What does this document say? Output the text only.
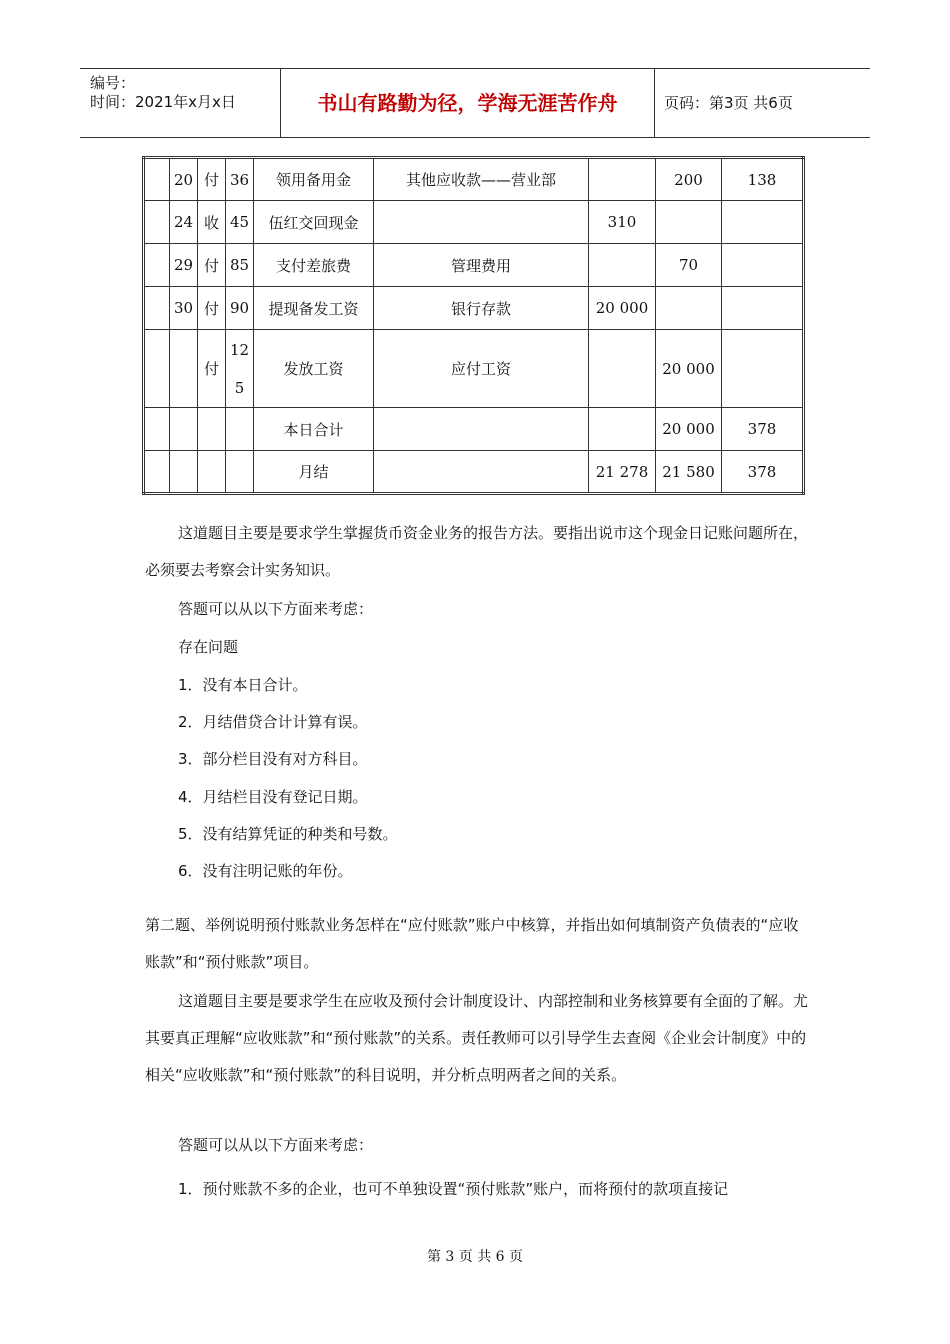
编号：
时间：2021年x月x日	书山有路勤为径，学海无涯苦作舟	页码：第3页 共6页
	20	付	36	领用备用金	其他应收款——营业部		200	138
	24	收	45	伍红交回现金		310		
	29	付	85	支付差旅费	管理费用		70	
	30	付	90	提现备发工资	银行存款	20 000		
		付	12
5	发放工资	应付工资		20 000	
				本日合计			20 000	378
				月结		21 278	21 580	378

这道题目主要是要求学生掌握货币资金业务的报告方法。要指出说市这个现金日记账问题所在，必须要去考察会计实务知识。

答题可以从以下方面来考虑：

存在问题

1．没有本日合计。

2．月结借贷合计计算有误。

3．部分栏目没有对方科目。

4．月结栏目没有登记日期。

5．没有结算凭证的种类和号数。

6．没有注明记账的年份。

第二题、举例说明预付账款业务怎样在“应付账款”账户中核算，并指出如何填制资产负债表的“应收账款”和“预付账款”项目。

这道题目主要是要求学生在应收及预付会计制度设计、内部控制和业务核算要有全面的了解。尤其要真正理解“应收账款”和“预付账款”的关系。责任教师可以引导学生去查阅《企业会计制度》中的相关“应收账款”和“预付账款”的科目说明，并分析点明两者之间的关系。

答题可以从以下方面来考虑：

1．预付账款不多的企业，也可不单独设置“预付账款”账户，而将预付的款项直接记

第 3 页 共 6 页
